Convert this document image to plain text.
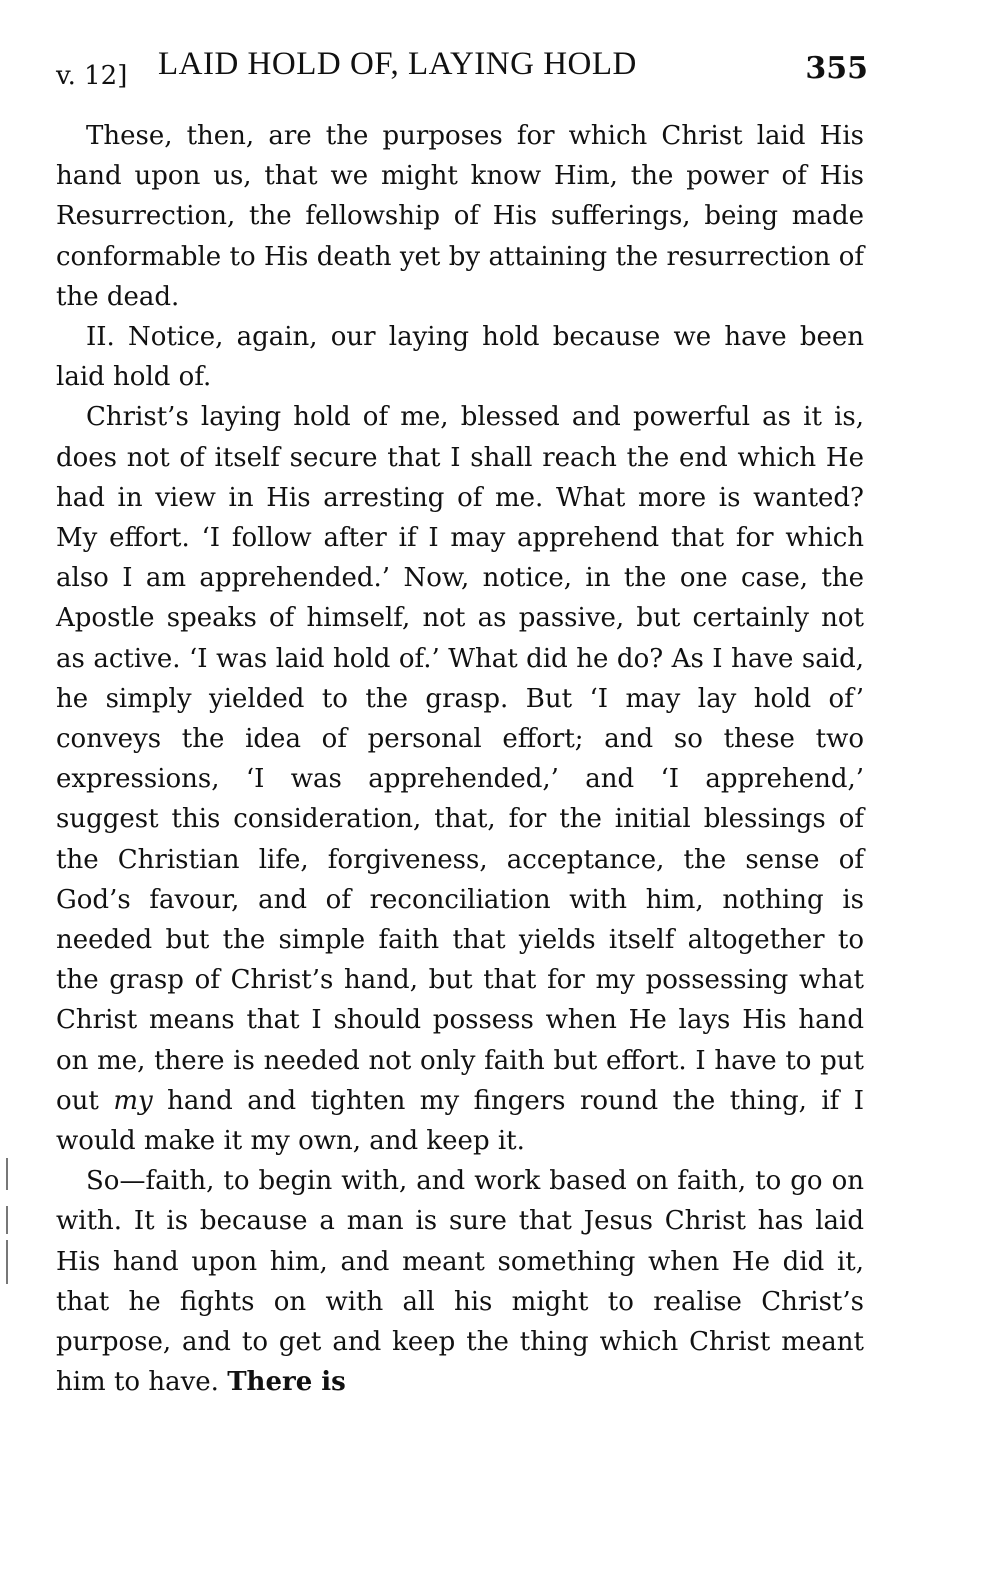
v. 12] LAID HOLD OF, LAYING HOLD	355

These, then, are the purposes for which Christ laid His hand upon us, that we might know Him, the power of His Resurrection, the fellowship of His sufferings, being made conformable to His death yet by attaining the resurrection of the dead.

II. Notice, again, our laying hold because we have been laid hold of.

Christ’s laying hold of me, blessed and powerful as it is, does not of itself secure that I shall reach the end which He had in view in His arresting of me. What more is wanted? My effort. ‘I follow after if I may apprehend that for which also I am apprehended.’ Now, notice, in the one case, the Apostle speaks of himself, not as passive, but certainly not as active. ‘I was laid hold of.’ What did he do? As I have said, he simply yielded to the grasp. But ‘I may lay hold of’ conveys the idea of personal effort; and so these two expressions, ‘I was apprehended,’ and ‘I apprehend,’ suggest this consideration, that, for the initial blessings of the Christian life, forgiveness, acceptance, the sense of God’s favour, and of reconciliation with him, nothing is needed but the simple faith that yields itself altogether to the grasp of Christ’s hand, but that for my possessing what Christ means that I should possess when He lays His hand on me, there is needed not only faith but effort. I have to put out my hand and tighten my fingers round the thing, if I would make it my own, and keep it.

So—faith, to begin with, and work based on faith, to go on with. It is because a man is sure that Jesus Christ has laid His hand upon him, and meant something when He did it, that he fights on with all his might to realise Christ’s purpose, and to get and keep the thing which Christ meant him to have. There is
